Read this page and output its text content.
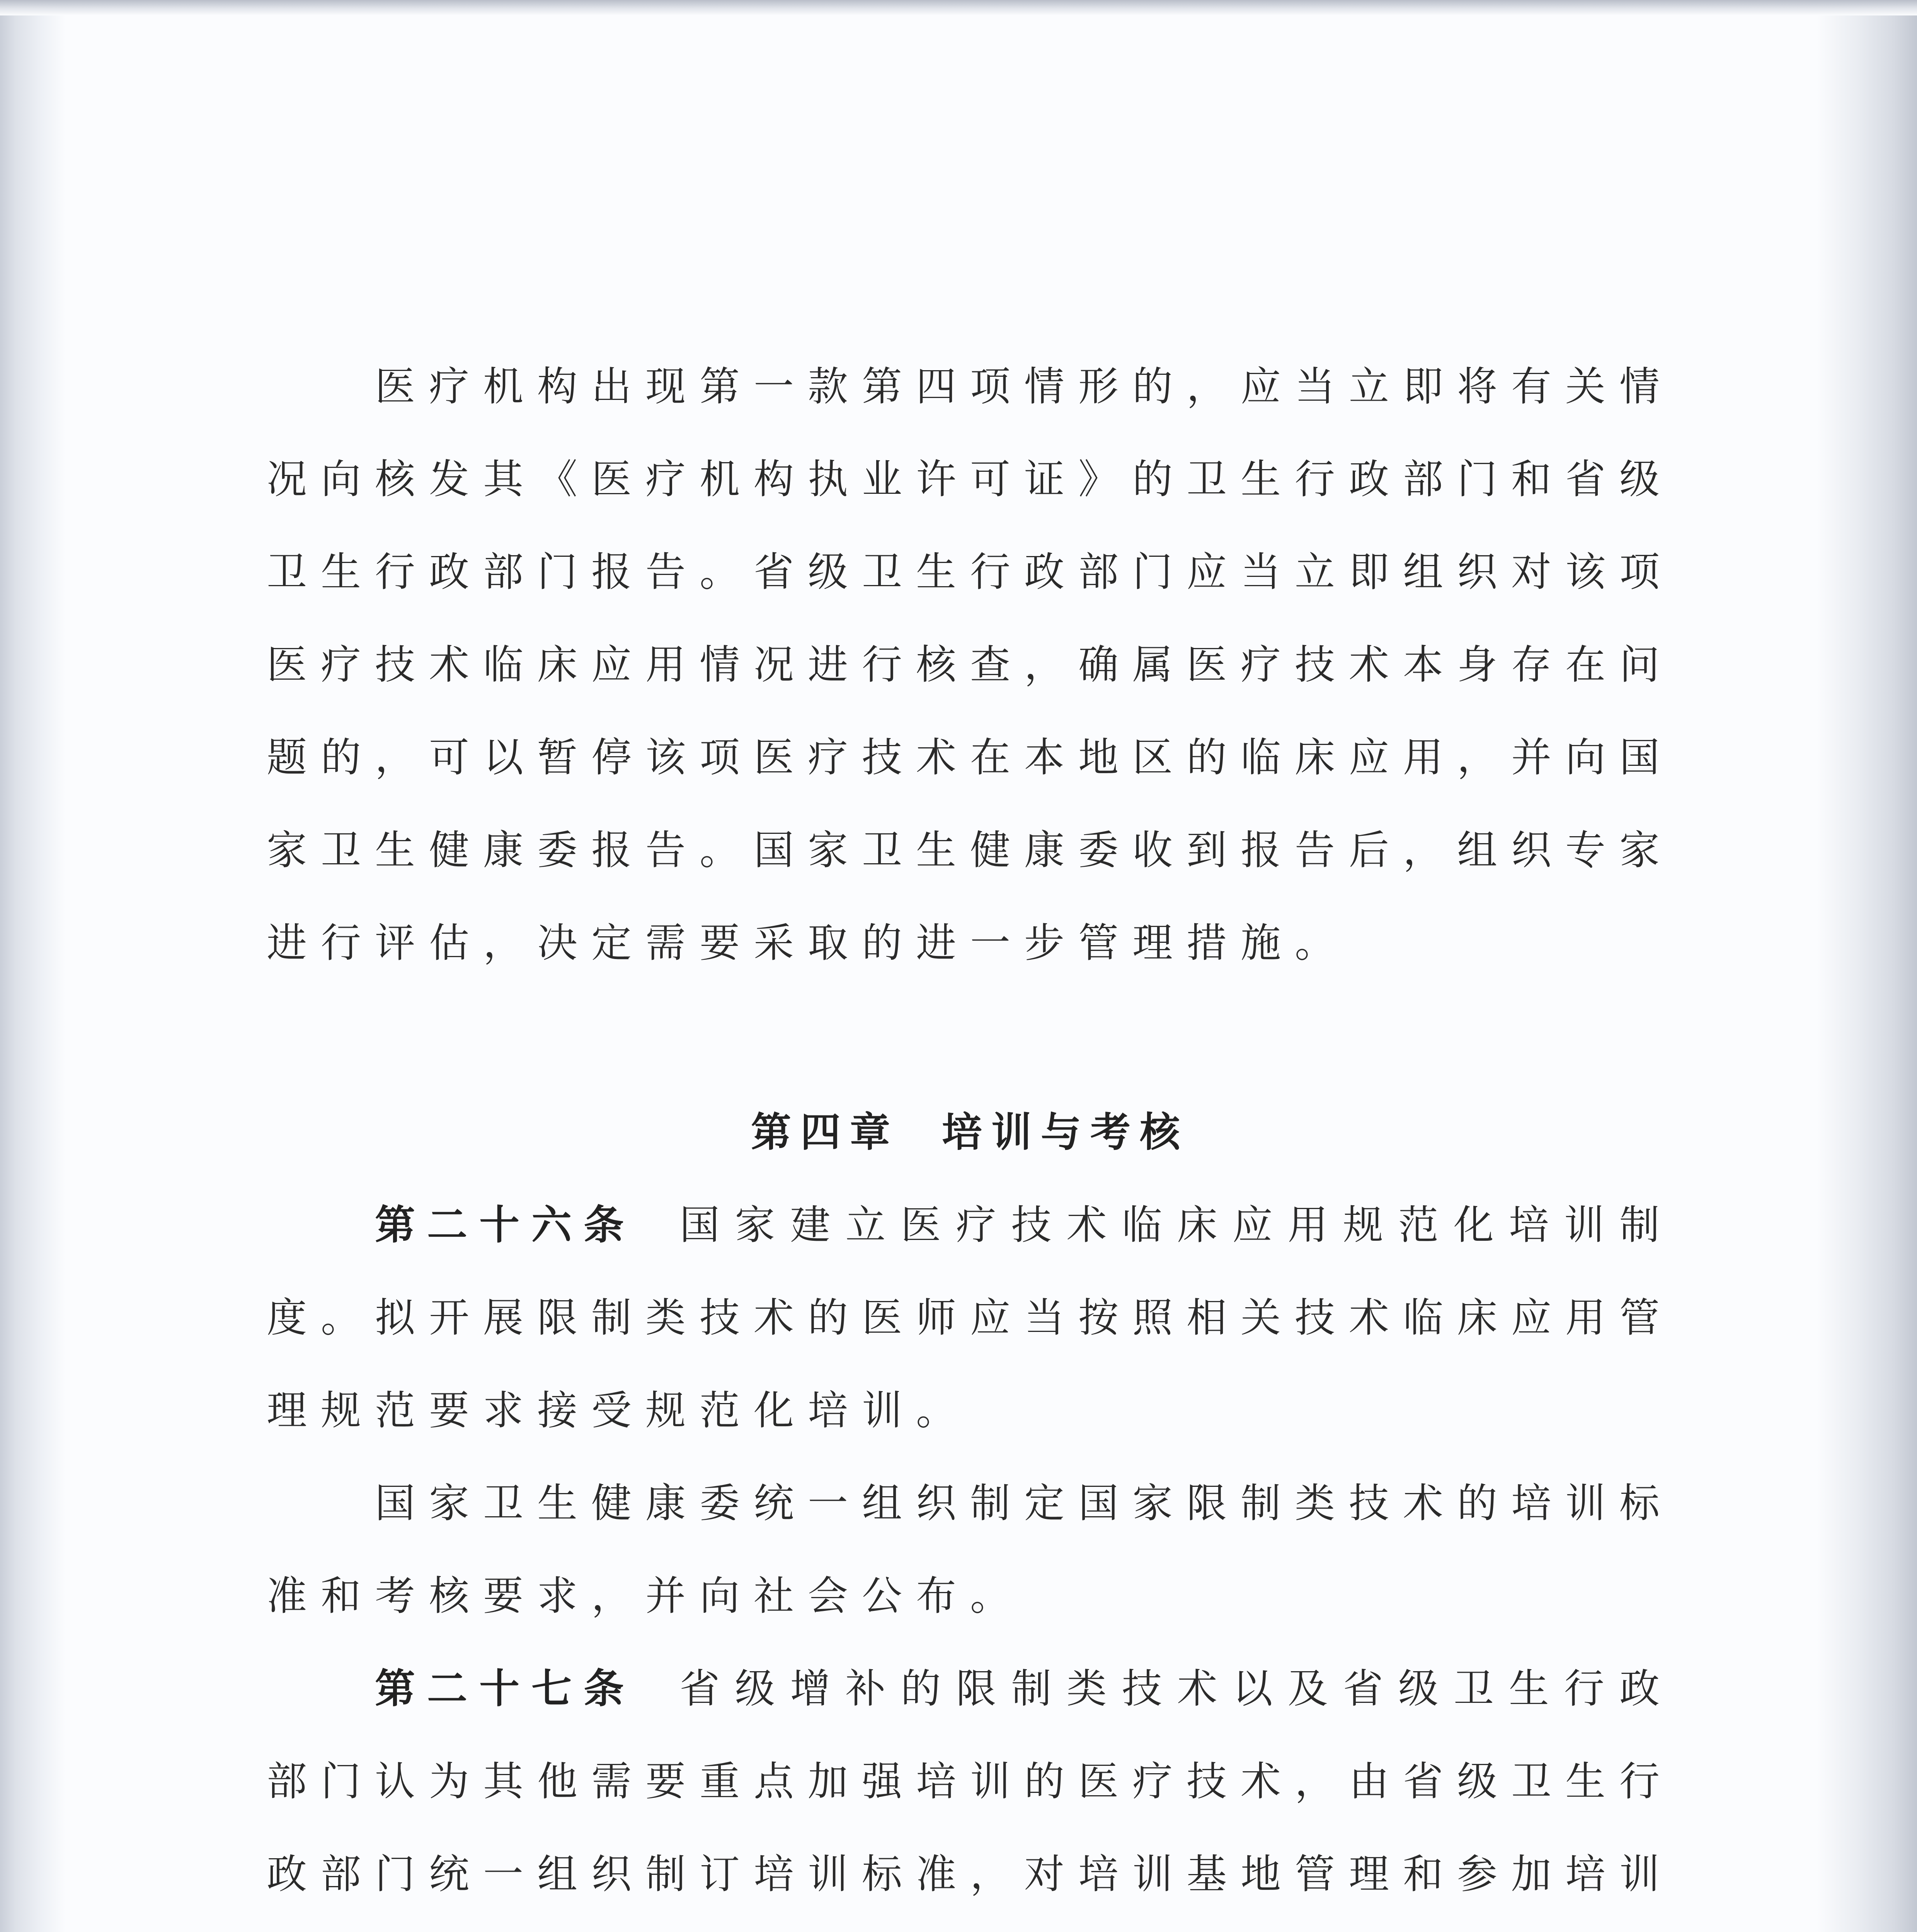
医疗机构出现第一款第四项情形的，应当立即将有关情况向核发其《医疗机构执业许可证》的卫生行政部门和省级卫生行政部门报告。省级卫生行政部门应当立即组织对该项医疗技术临床应用情况进行核查，确属医疗技术本身存在问题的，可以暂停该项医疗技术在本地区的临床应用，并向国家卫生健康委报告。国家卫生健康委收到报告后，组织专家进行评估，决定需要采取的进一步管理措施。

第四章 培训与考核

第二十六条 国家建立医疗技术临床应用规范化培训制度。拟开展限制类技术的医师应当按照相关技术临床应用管理规范要求接受规范化培训。

国家卫生健康委统一组织制定国家限制类技术的培训标准和考核要求，并向社会公布。

第二十七条 省级增补的限制类技术以及省级卫生行政部门认为其他需要重点加强培训的医疗技术，由省级卫生行政部门统一组织制订培训标准，对培训基地管理和参加培训
